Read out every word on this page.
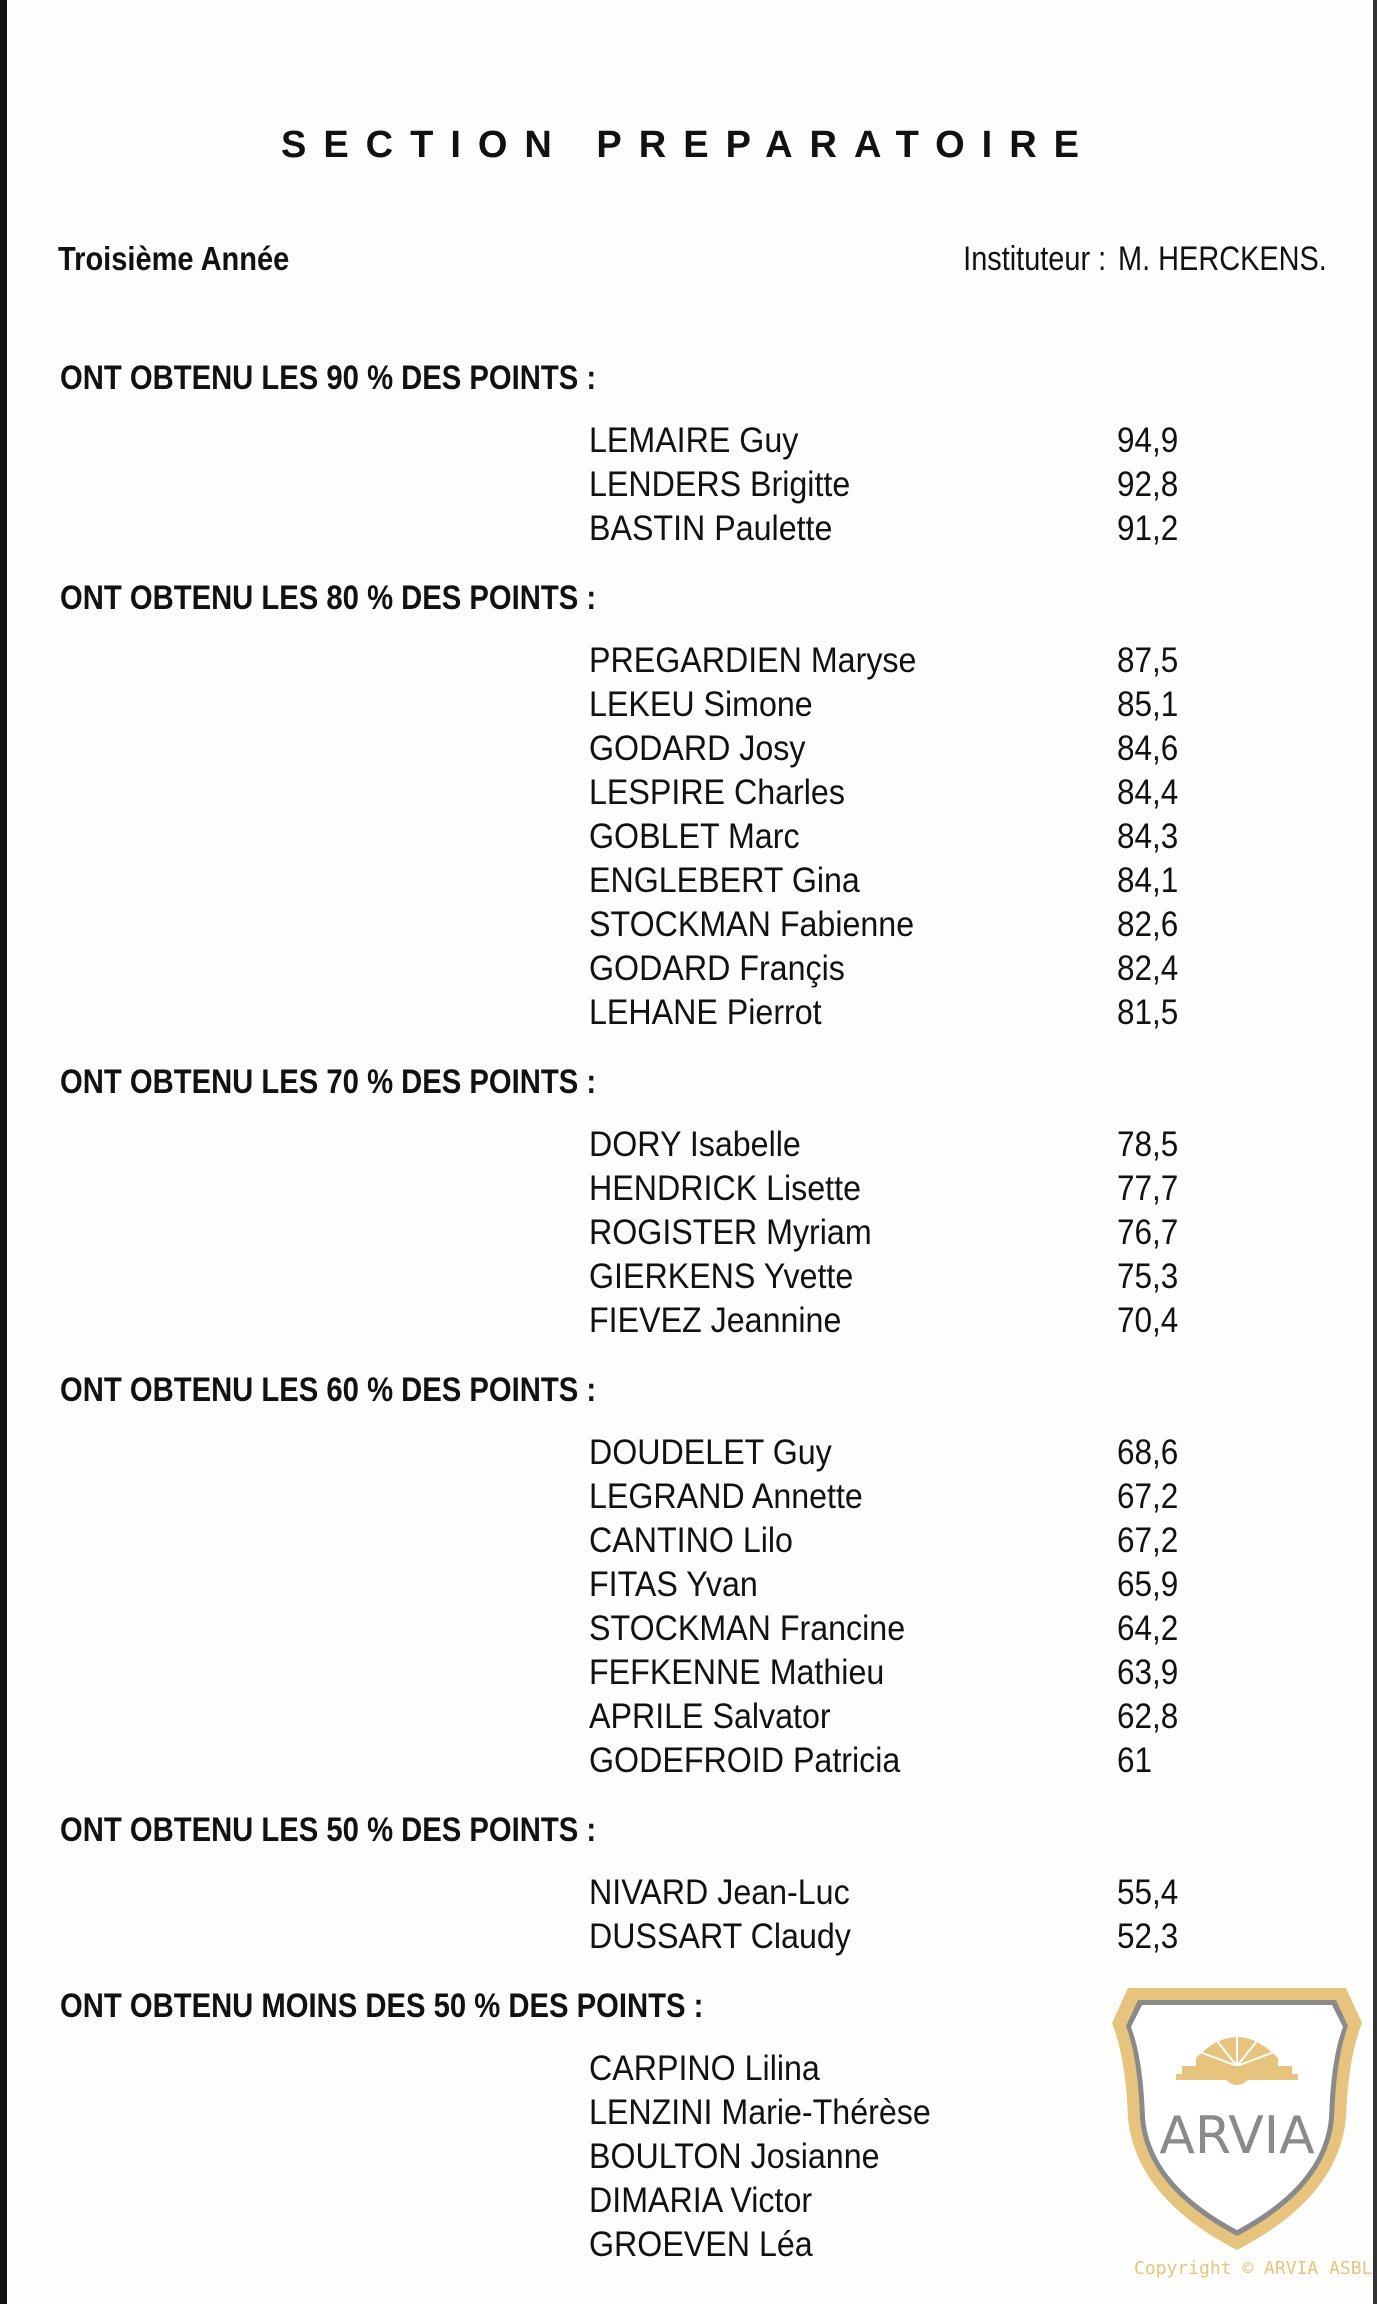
SECTION PREPARATOIRE
Troisième Année	Instituteur : M. HERCKENS.
ONT OBTENU LES 90 % DES POINTS :
LEMAIRE Guy	94,9
LENDERS Brigitte	92,8
BASTIN Paulette	91,2
ONT OBTENU LES 80 % DES POINTS :
PREGARDIEN Maryse	87,5
LEKEU Simone	85,1
GODARD Josy	84,6
LESPIRE Charles	84,4
GOBLET Marc	84,3
ENGLEBERT Gina	84,1
STOCKMAN Fabienne	82,6
GODARD Françis	82,4
LEHANE Pierrot	81,5
ONT OBTENU LES 70 % DES POINTS :
DORY Isabelle	78,5
HENDRICK Lisette	77,7
ROGISTER Myriam	76,7
GIERKENS Yvette	75,3
FIEVEZ Jeannine	70,4
ONT OBTENU LES 60 % DES POINTS :
DOUDELET Guy	68,6
LEGRAND Annette	67,2
CANTINO Lilo	67,2
FITAS Yvan	65,9
STOCKMAN Francine	64,2
FEFKENNE Mathieu	63,9
APRILE Salvator	62,8
GODEFROID Patricia	61
ONT OBTENU LES 50 % DES POINTS :
NIVARD Jean-Luc	55,4
DUSSART Claudy	52,3
ONT OBTENU MOINS DES 50 % DES POINTS :
CARPINO Lilina
LENZINI Marie-Thérèse
BOULTON Josianne
DIMARIA Victor
GROEVEN Léa
ARVIA
Copyright © ARVIA ASBL
